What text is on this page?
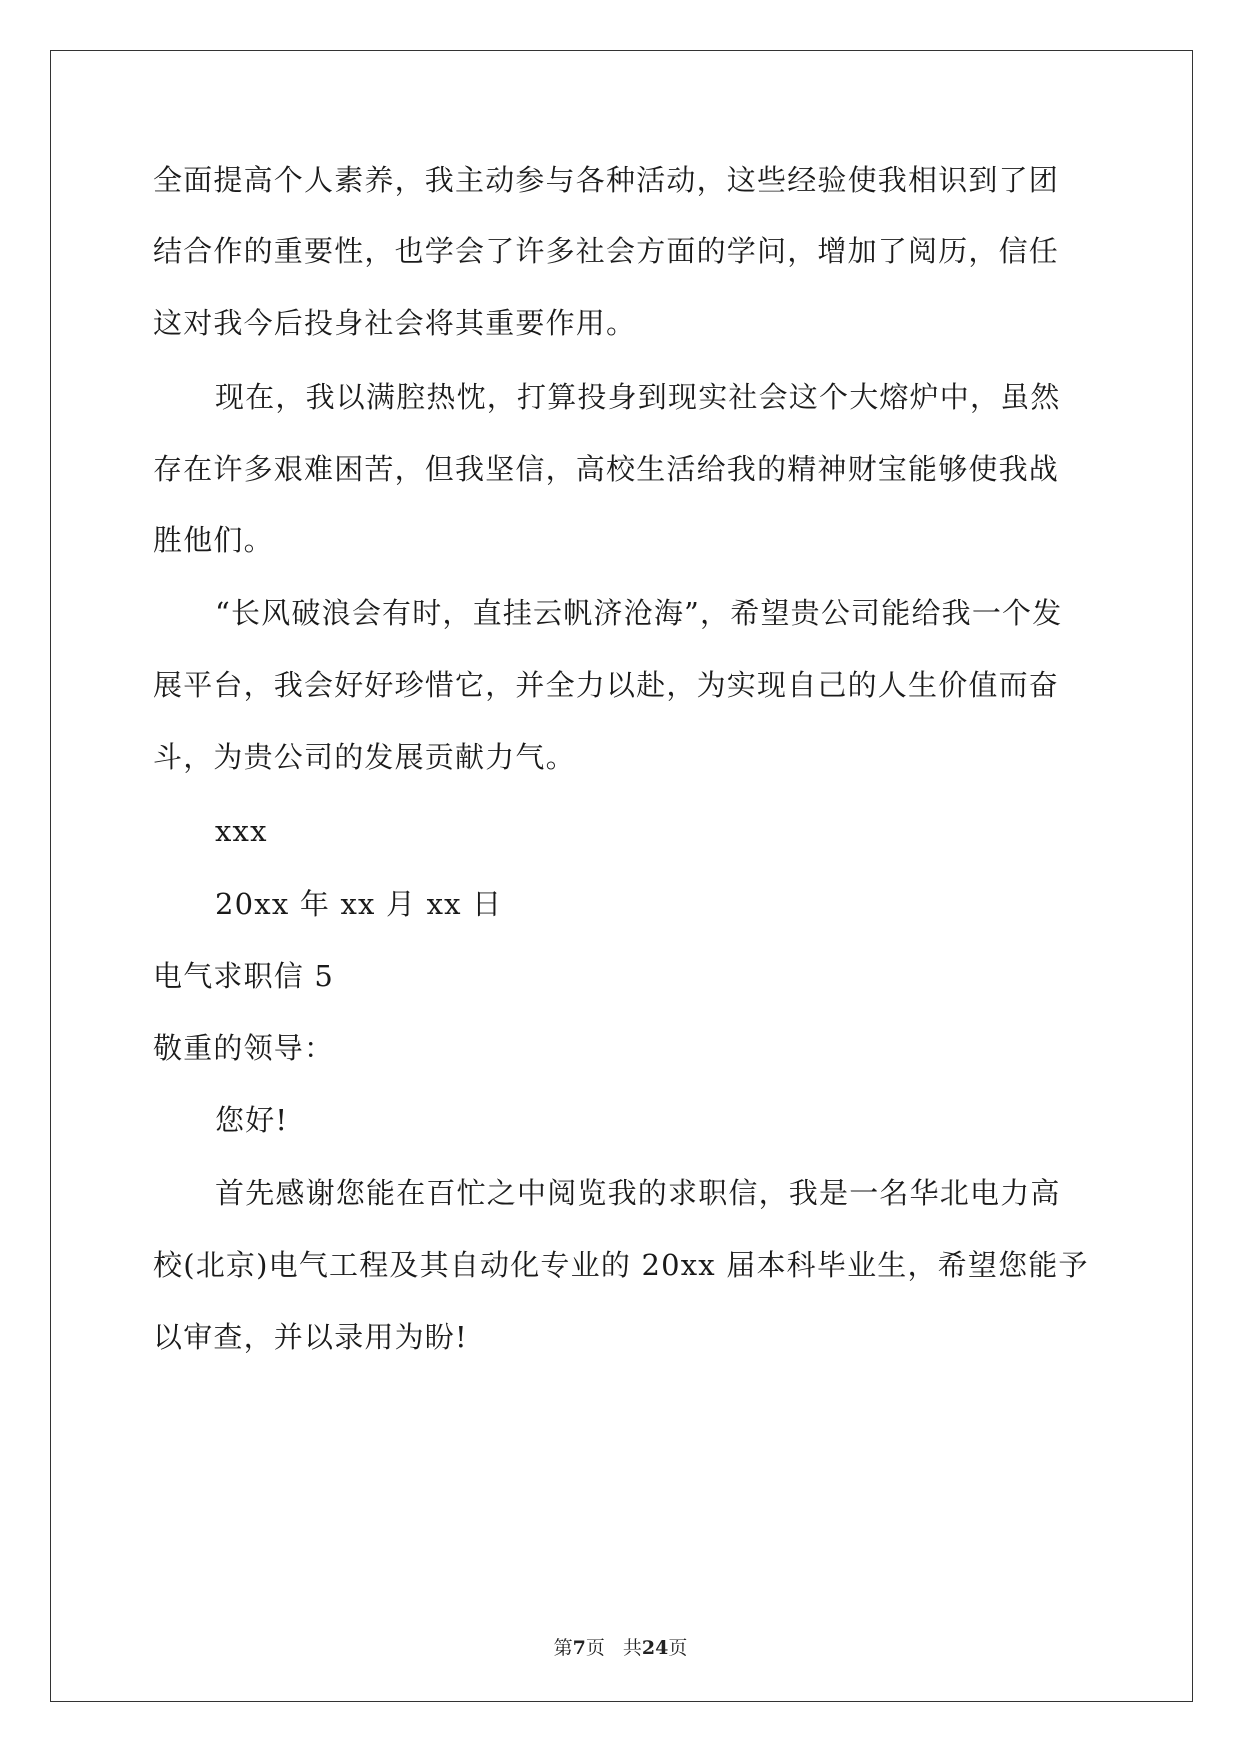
全面提高个人素养，我主动参与各种活动，这些经验使我相识到了团
结合作的重要性，也学会了许多社会方面的学问，增加了阅历，信任
这对我今后投身社会将其重要作用。
现在，我以满腔热忱，打算投身到现实社会这个大熔炉中，虽然
存在许多艰难困苦，但我坚信，高校生活给我的精神财宝能够使我战
胜他们。
“长风破浪会有时，直挂云帆济沧海”，希望贵公司能给我一个发
展平台，我会好好珍惜它，并全力以赴，为实现自己的人生价值而奋
斗，为贵公司的发展贡献力气。
xxx
20xx 年 xx 月 xx 日
电气求职信 5
敬重的领导：
您好!
首先感谢您能在百忙之中阅览我的求职信，我是一名华北电力高
校(北京)电气工程及其自动化专业的 20xx 届本科毕业生，希望您能予
以审查，并以录用为盼!
第7页 共24页
